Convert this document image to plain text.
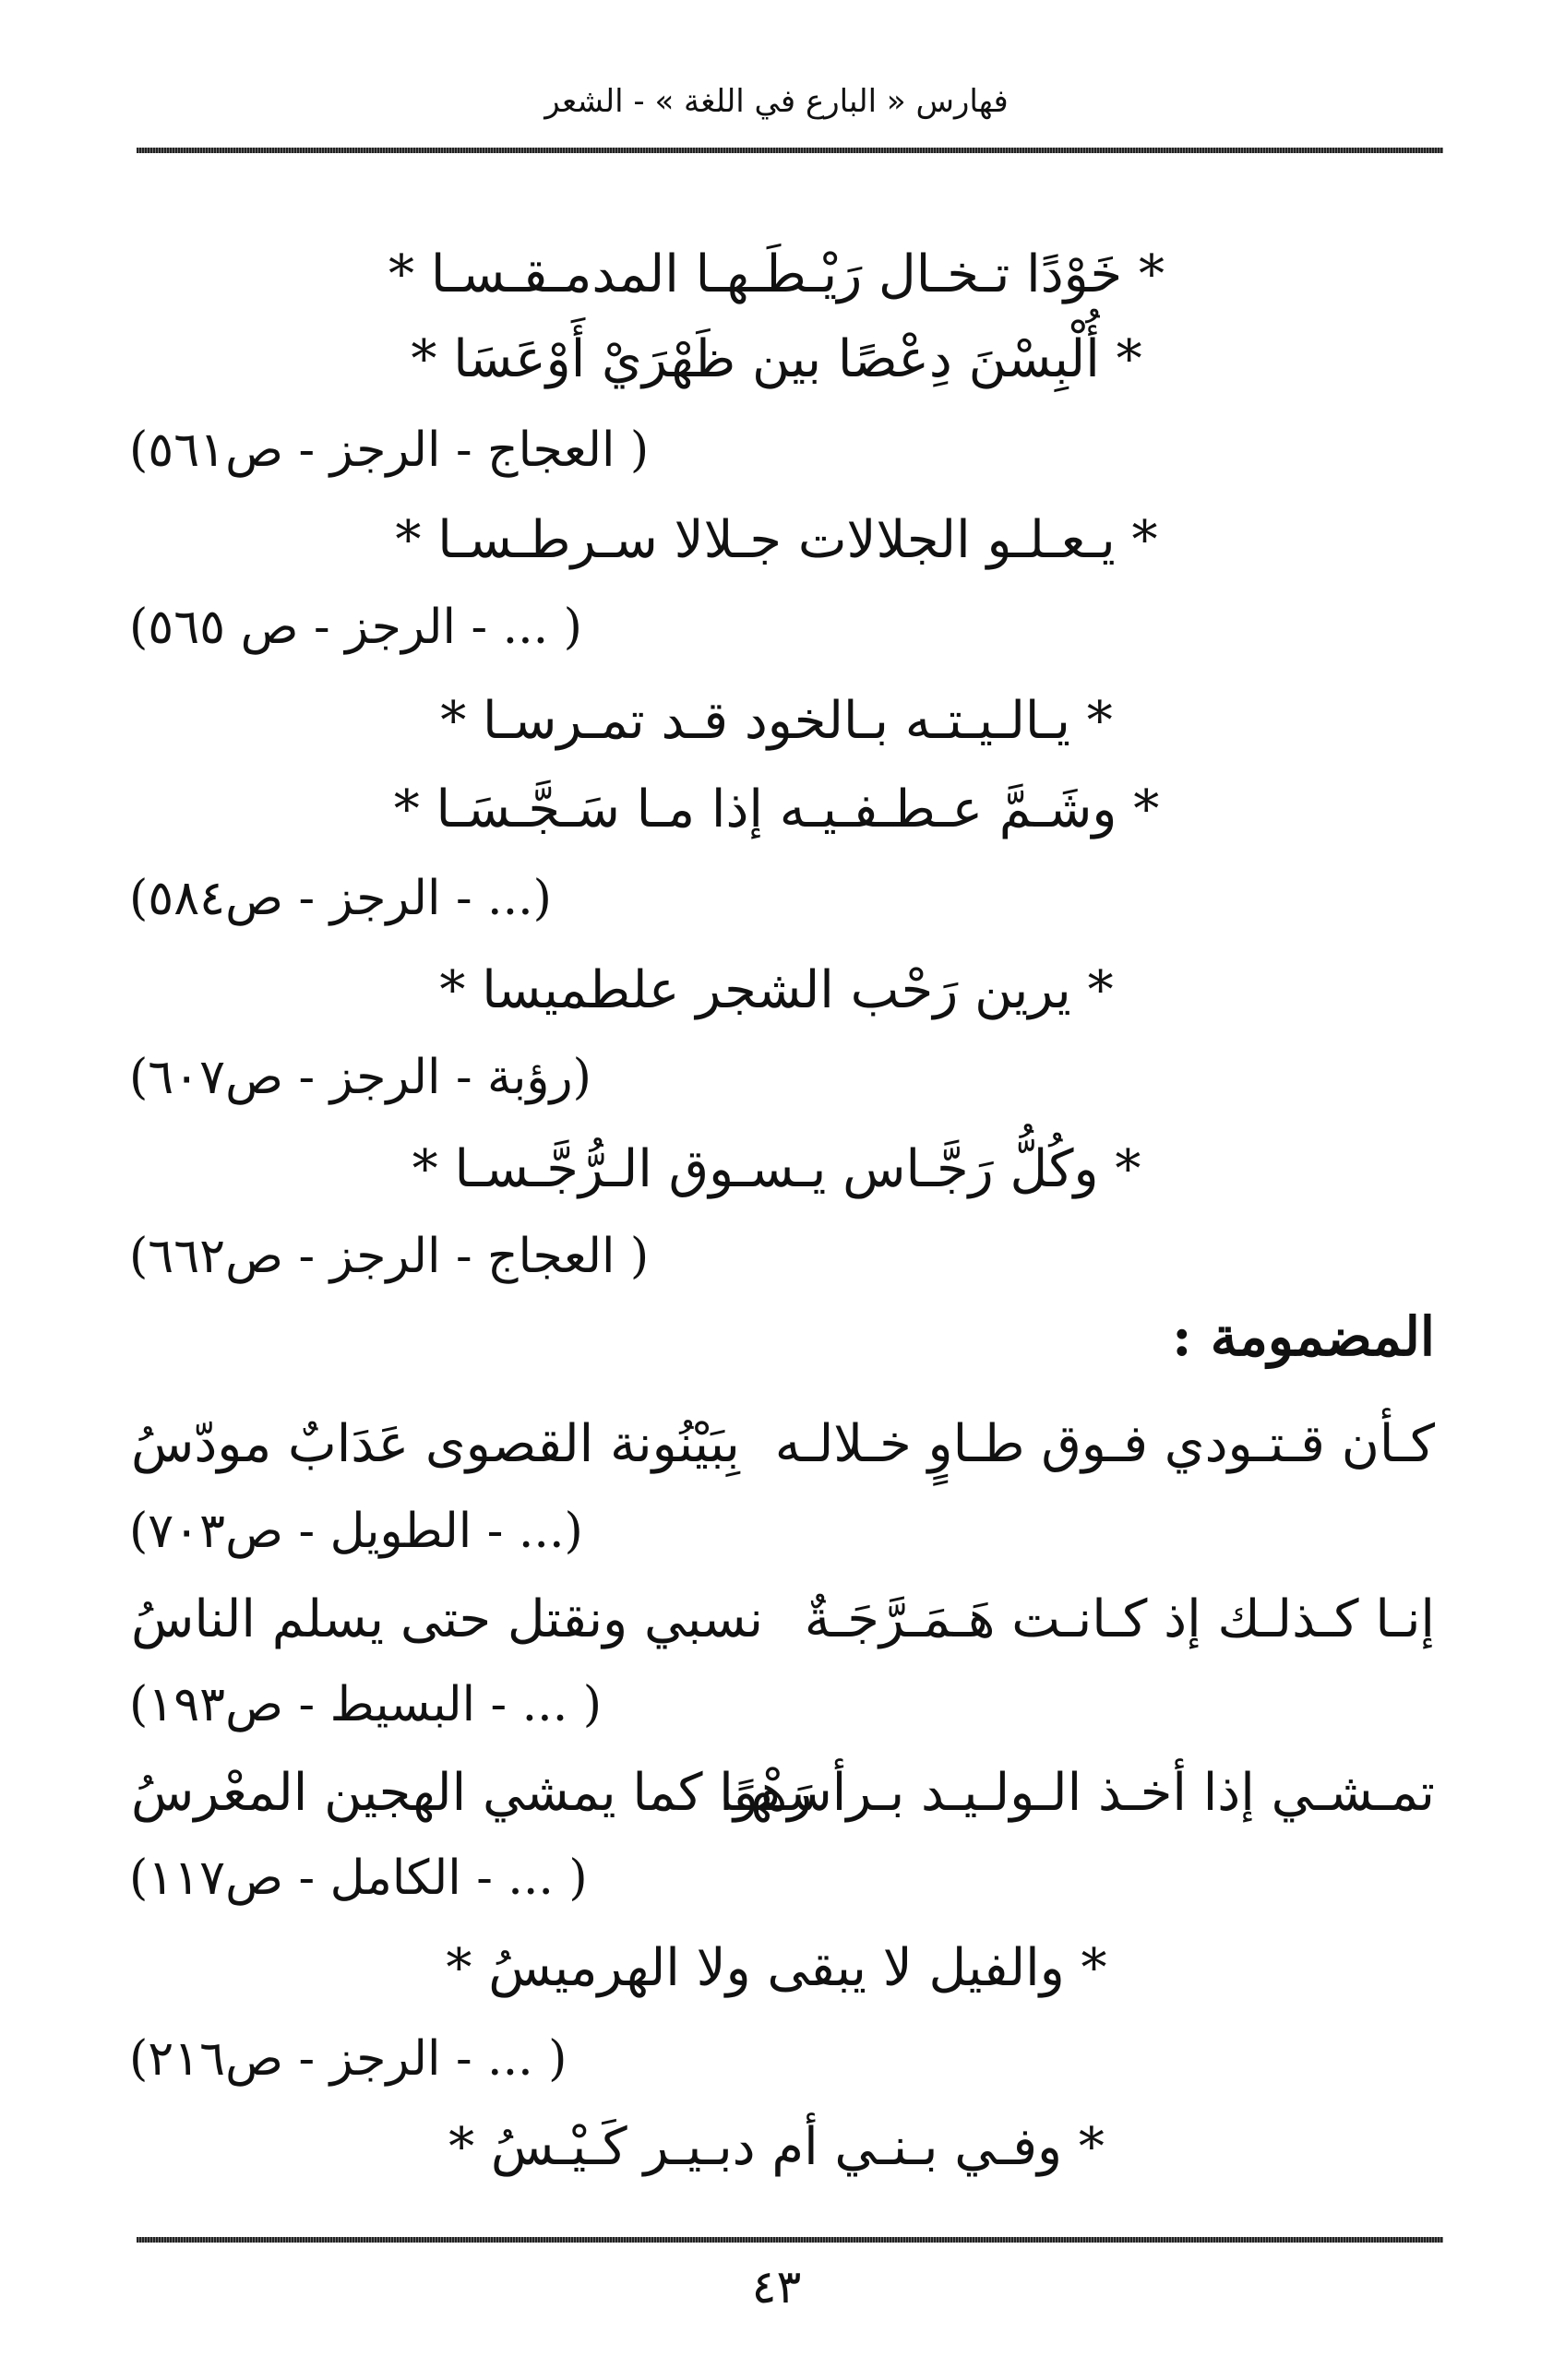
فهارس « البارع في اللغة » - الشعر
* خَوْدًا تـخـال رَيْـطَـهـا المدمـقـسـا *
* أُلْبِسْنَ دِعْصًا بين ظَهْرَيْ أَوْعَسَا *
( العجاج - الرجز - ص٥٦١)
* يـعـلـو الجلالات جـلالا سـرطـسـا *
( ... - الرجز - ص ٥٦٥)
* يـالـيـتـه بـالخود قـد تمـرسـا *
* وشَـمَّ عـطـفـيـه إذا مـا سَـجَّـسَـا *
(... - الرجز - ص٥٨٤)
* يرين رَحْب الشجر علطميسا *
(رؤبة - الرجز - ص٦٠٧)
* وكُلُّ رَجَّـاس يـسـوق الـرُّجَّـسـا *
( العجاج - الرجز - ص٦٦٢)
المضمومة :
كـأن قـتـودي فـوق طـاوٍ خـلالـه
بِبَيْنُونة القصوى عَدَابٌ مودّسُ
(... - الطويل - ص٧٠٣)
إنـا كـذلـك إذ كـانـت هَـمَـرَّجَـةٌ
نسبي ونقتل حتى يسلم الناسُ
( ... - البسيط - ص١٩٣)
تمـشـي إذا أخـذ الـولـيـد بـرأسـهـا
رَهْوًا كما يمشي الهجين المعْرسُ
( ... - الكامل - ص١١٧)
* والفيل لا يبقى ولا الهرميسُ *
( ... - الرجز - ص٢١٦)
* وفـي بـنـي أم دبـيـر كَـيْـسُ *
٤٣
